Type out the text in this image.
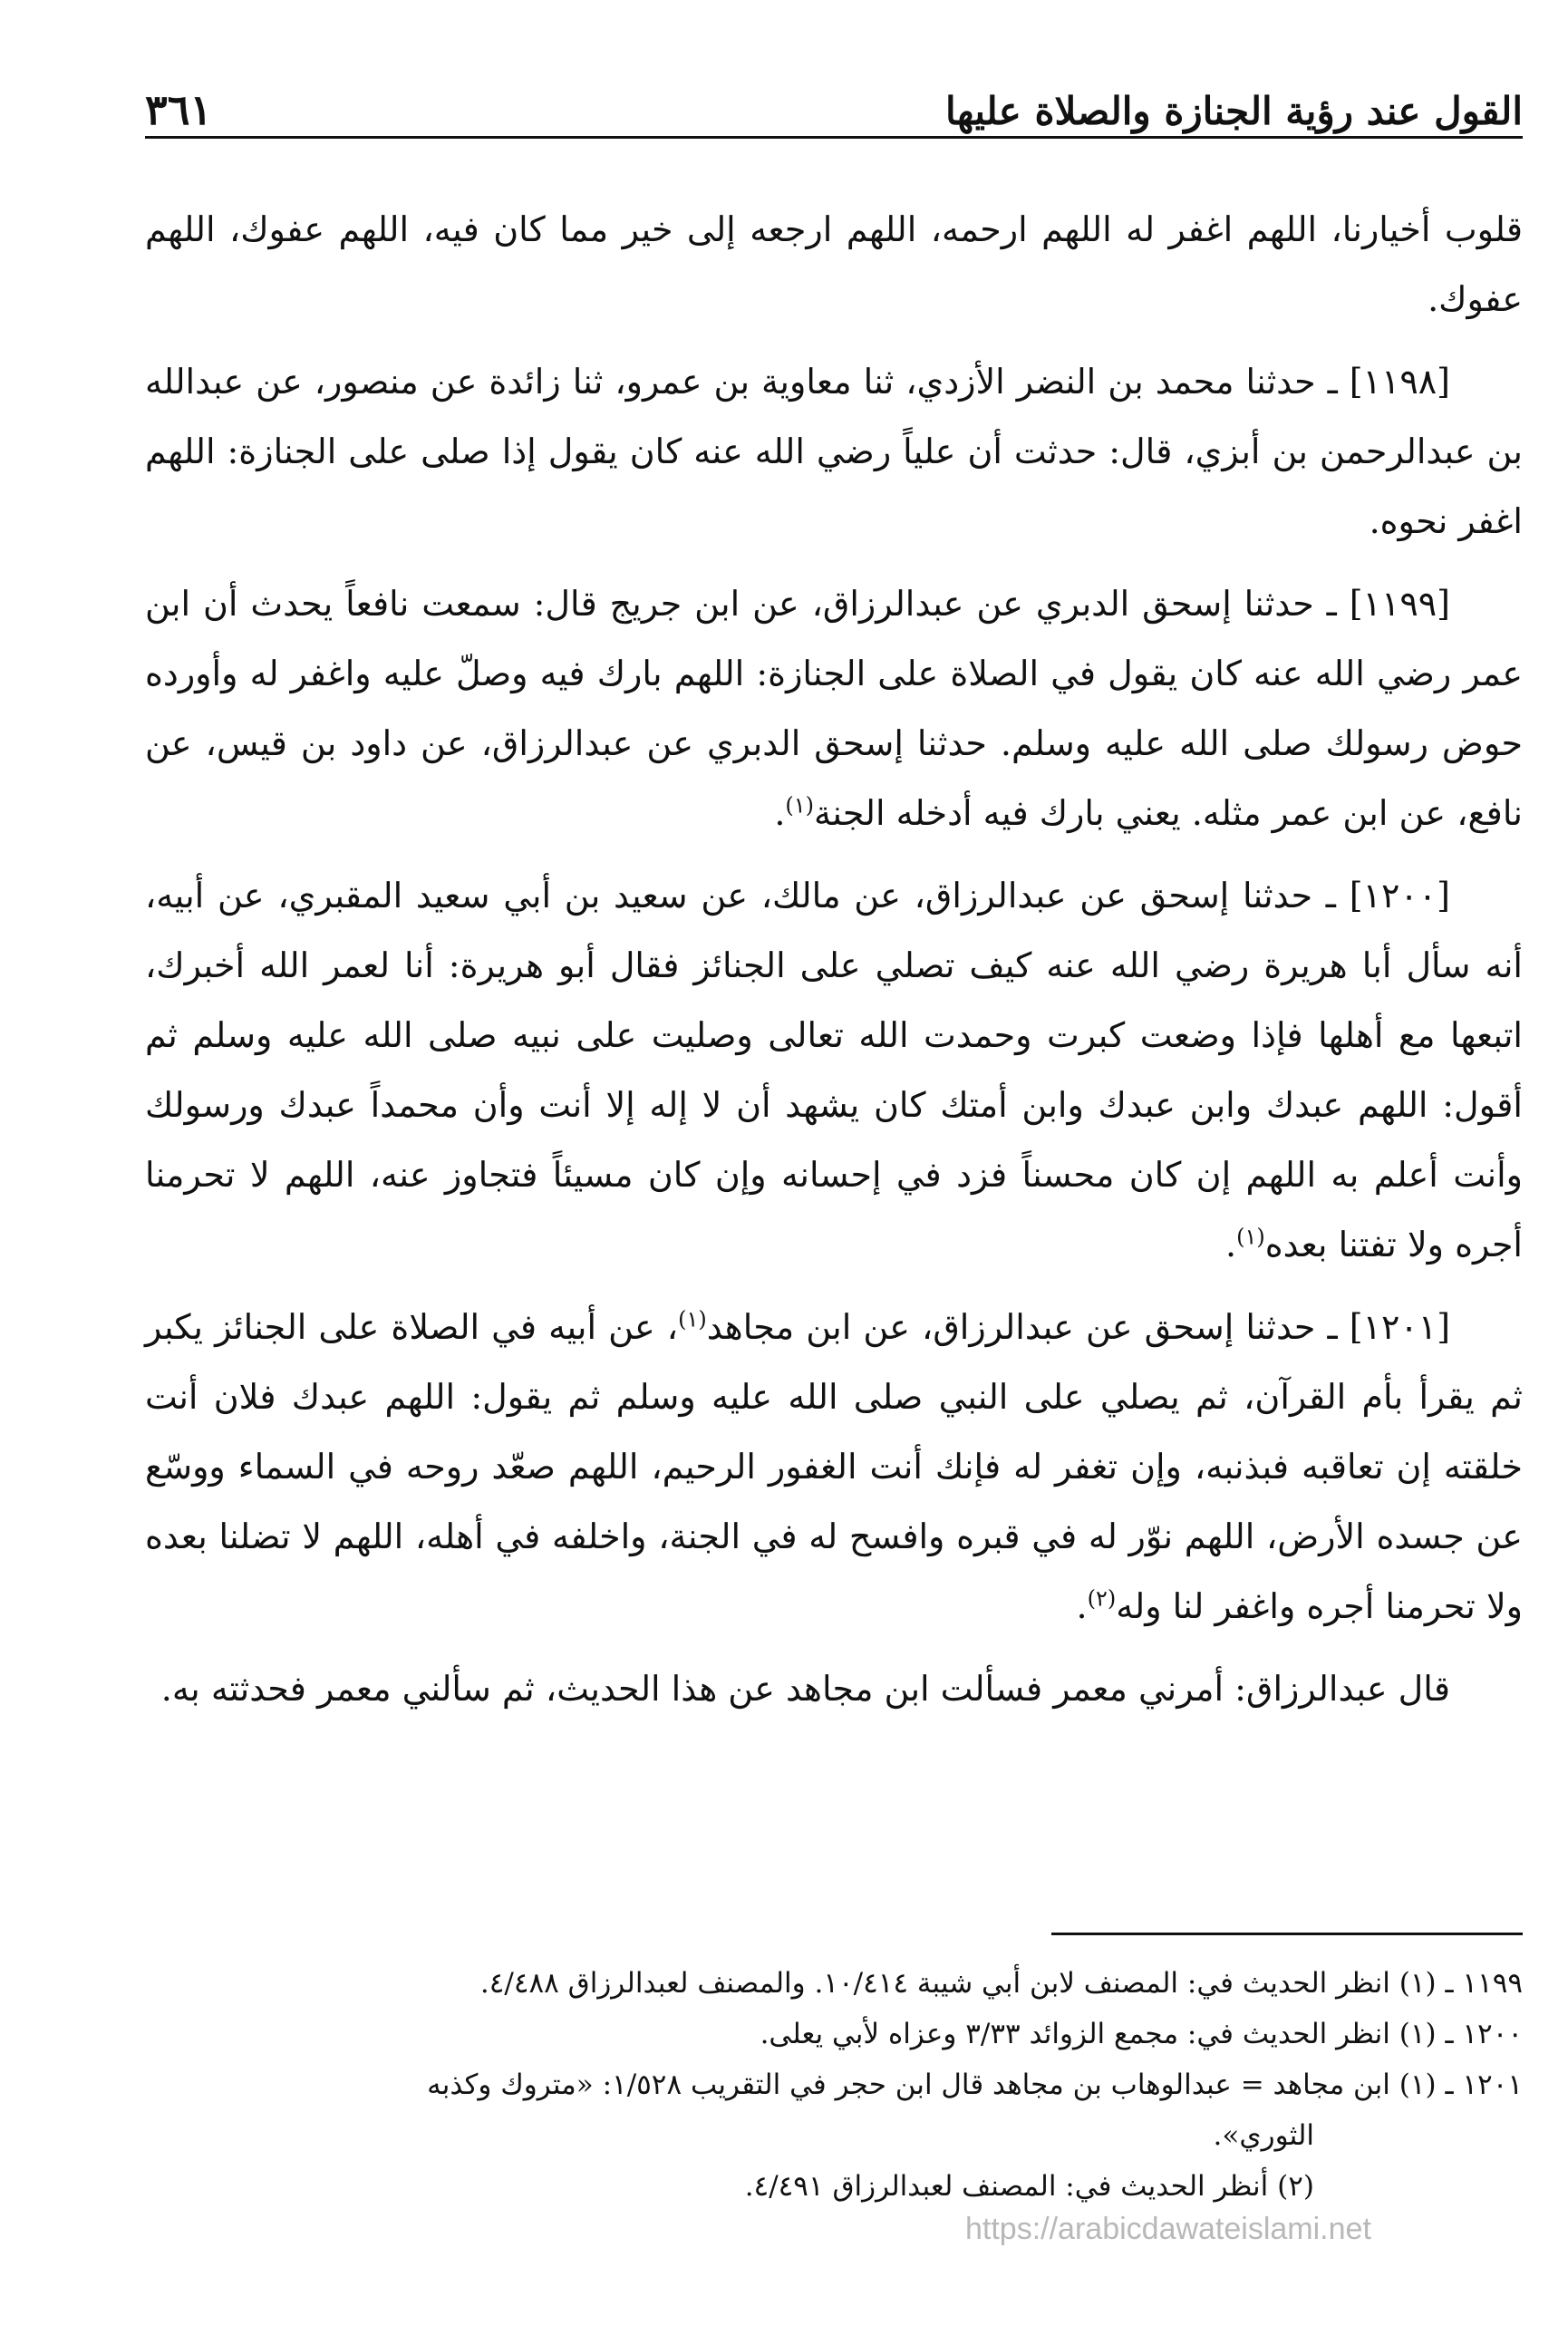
القول عند رؤية الجنازة والصلاة عليها
٣٦١

قلوب أخيارنا، اللهم اغفر له اللهم ارحمه، اللهم ارجعه إلى خير مما كان فيه، اللهم عفوك، اللهم عفوك.

[١١٩٨] ـ حدثنا محمد بن النضر الأزدي، ثنا معاوية بن عمرو، ثنا زائدة عن منصور، عن عبدالله بن عبدالرحمن بن أبزي، قال: حدثت أن علياً رضي الله عنه كان يقول إذا صلى على الجنازة: اللهم اغفر نحوه.

[١١٩٩] ـ حدثنا إسحق الدبري عن عبدالرزاق، عن ابن جريج قال: سمعت نافعاً يحدث أن ابن عمر رضي الله عنه كان يقول في الصلاة على الجنازة: اللهم بارك فيه وصلّ عليه واغفر له وأورده حوض رسولك صلى الله عليه وسلم. حدثنا إسحق الدبري عن عبدالرزاق، عن داود بن قيس، عن نافع، عن ابن عمر مثله. يعني بارك فيه أدخله الجنة$^{(١)}$.

[١٢٠٠] ـ حدثنا إسحق عن عبدالرزاق، عن مالك، عن سعيد بن أبي سعيد المقبري، عن أبيه، أنه سأل أبا هريرة رضي الله عنه كيف تصلي على الجنائز فقال أبو هريرة: أنا لعمر الله أخبرك، اتبعها مع أهلها فإذا وضعت كبرت وحمدت الله تعالى وصليت على نبيه صلى الله عليه وسلم ثم أقول: اللهم عبدك وابن عبدك وابن أمتك كان يشهد أن لا إله إلا أنت وأن محمداً عبدك ورسولك وأنت أعلم به اللهم إن كان محسناً فزد في إحسانه وإن كان مسيئاً فتجاوز عنه، اللهم لا تحرمنا أجره ولا تفتنا بعده$^{(١)}$.

[١٢٠١] ـ حدثنا إسحق عن عبدالرزاق، عن ابن مجاهد$^{(١)}$، عن أبيه في الصلاة على الجنائز يكبر ثم يقرأ بأم القرآن، ثم يصلي على النبي صلى الله عليه وسلم ثم يقول: اللهم عبدك فلان أنت خلقته إن تعاقبه فبذنبه، وإن تغفر له فإنك أنت الغفور الرحيم، اللهم صعّد روحه في السماء ووسّع عن جسده الأرض، اللهم نوّر له في قبره وافسح له في الجنة، واخلفه في أهله، اللهم لا تضلنا بعده ولا تحرمنا أجره واغفر لنا وله$^{(٢)}$.

قال عبدالرزاق: أمرني معمر فسألت ابن مجاهد عن هذا الحديث، ثم سألني معمر فحدثته به.

١١٩٩ ـ (١) انظر الحديث في: المصنف لابن أبي شيبة ١٠/٤١٤. والمصنف لعبدالرزاق ٤/٤٨٨.

١٢٠٠ ـ (١) انظر الحديث في: مجمع الزوائد ٣/٣٣ وعزاه لأبي يعلى.

١٢٠١ ـ (١) ابن مجاهد = عبدالوهاب بن مجاهد قال ابن حجر في التقريب ١/٥٢٨: «متروك وكذبه

الثوري».

(٢) أنظر الحديث في: المصنف لعبدالرزاق ٤/٤٩١.

https://arabicdawateislami.net
